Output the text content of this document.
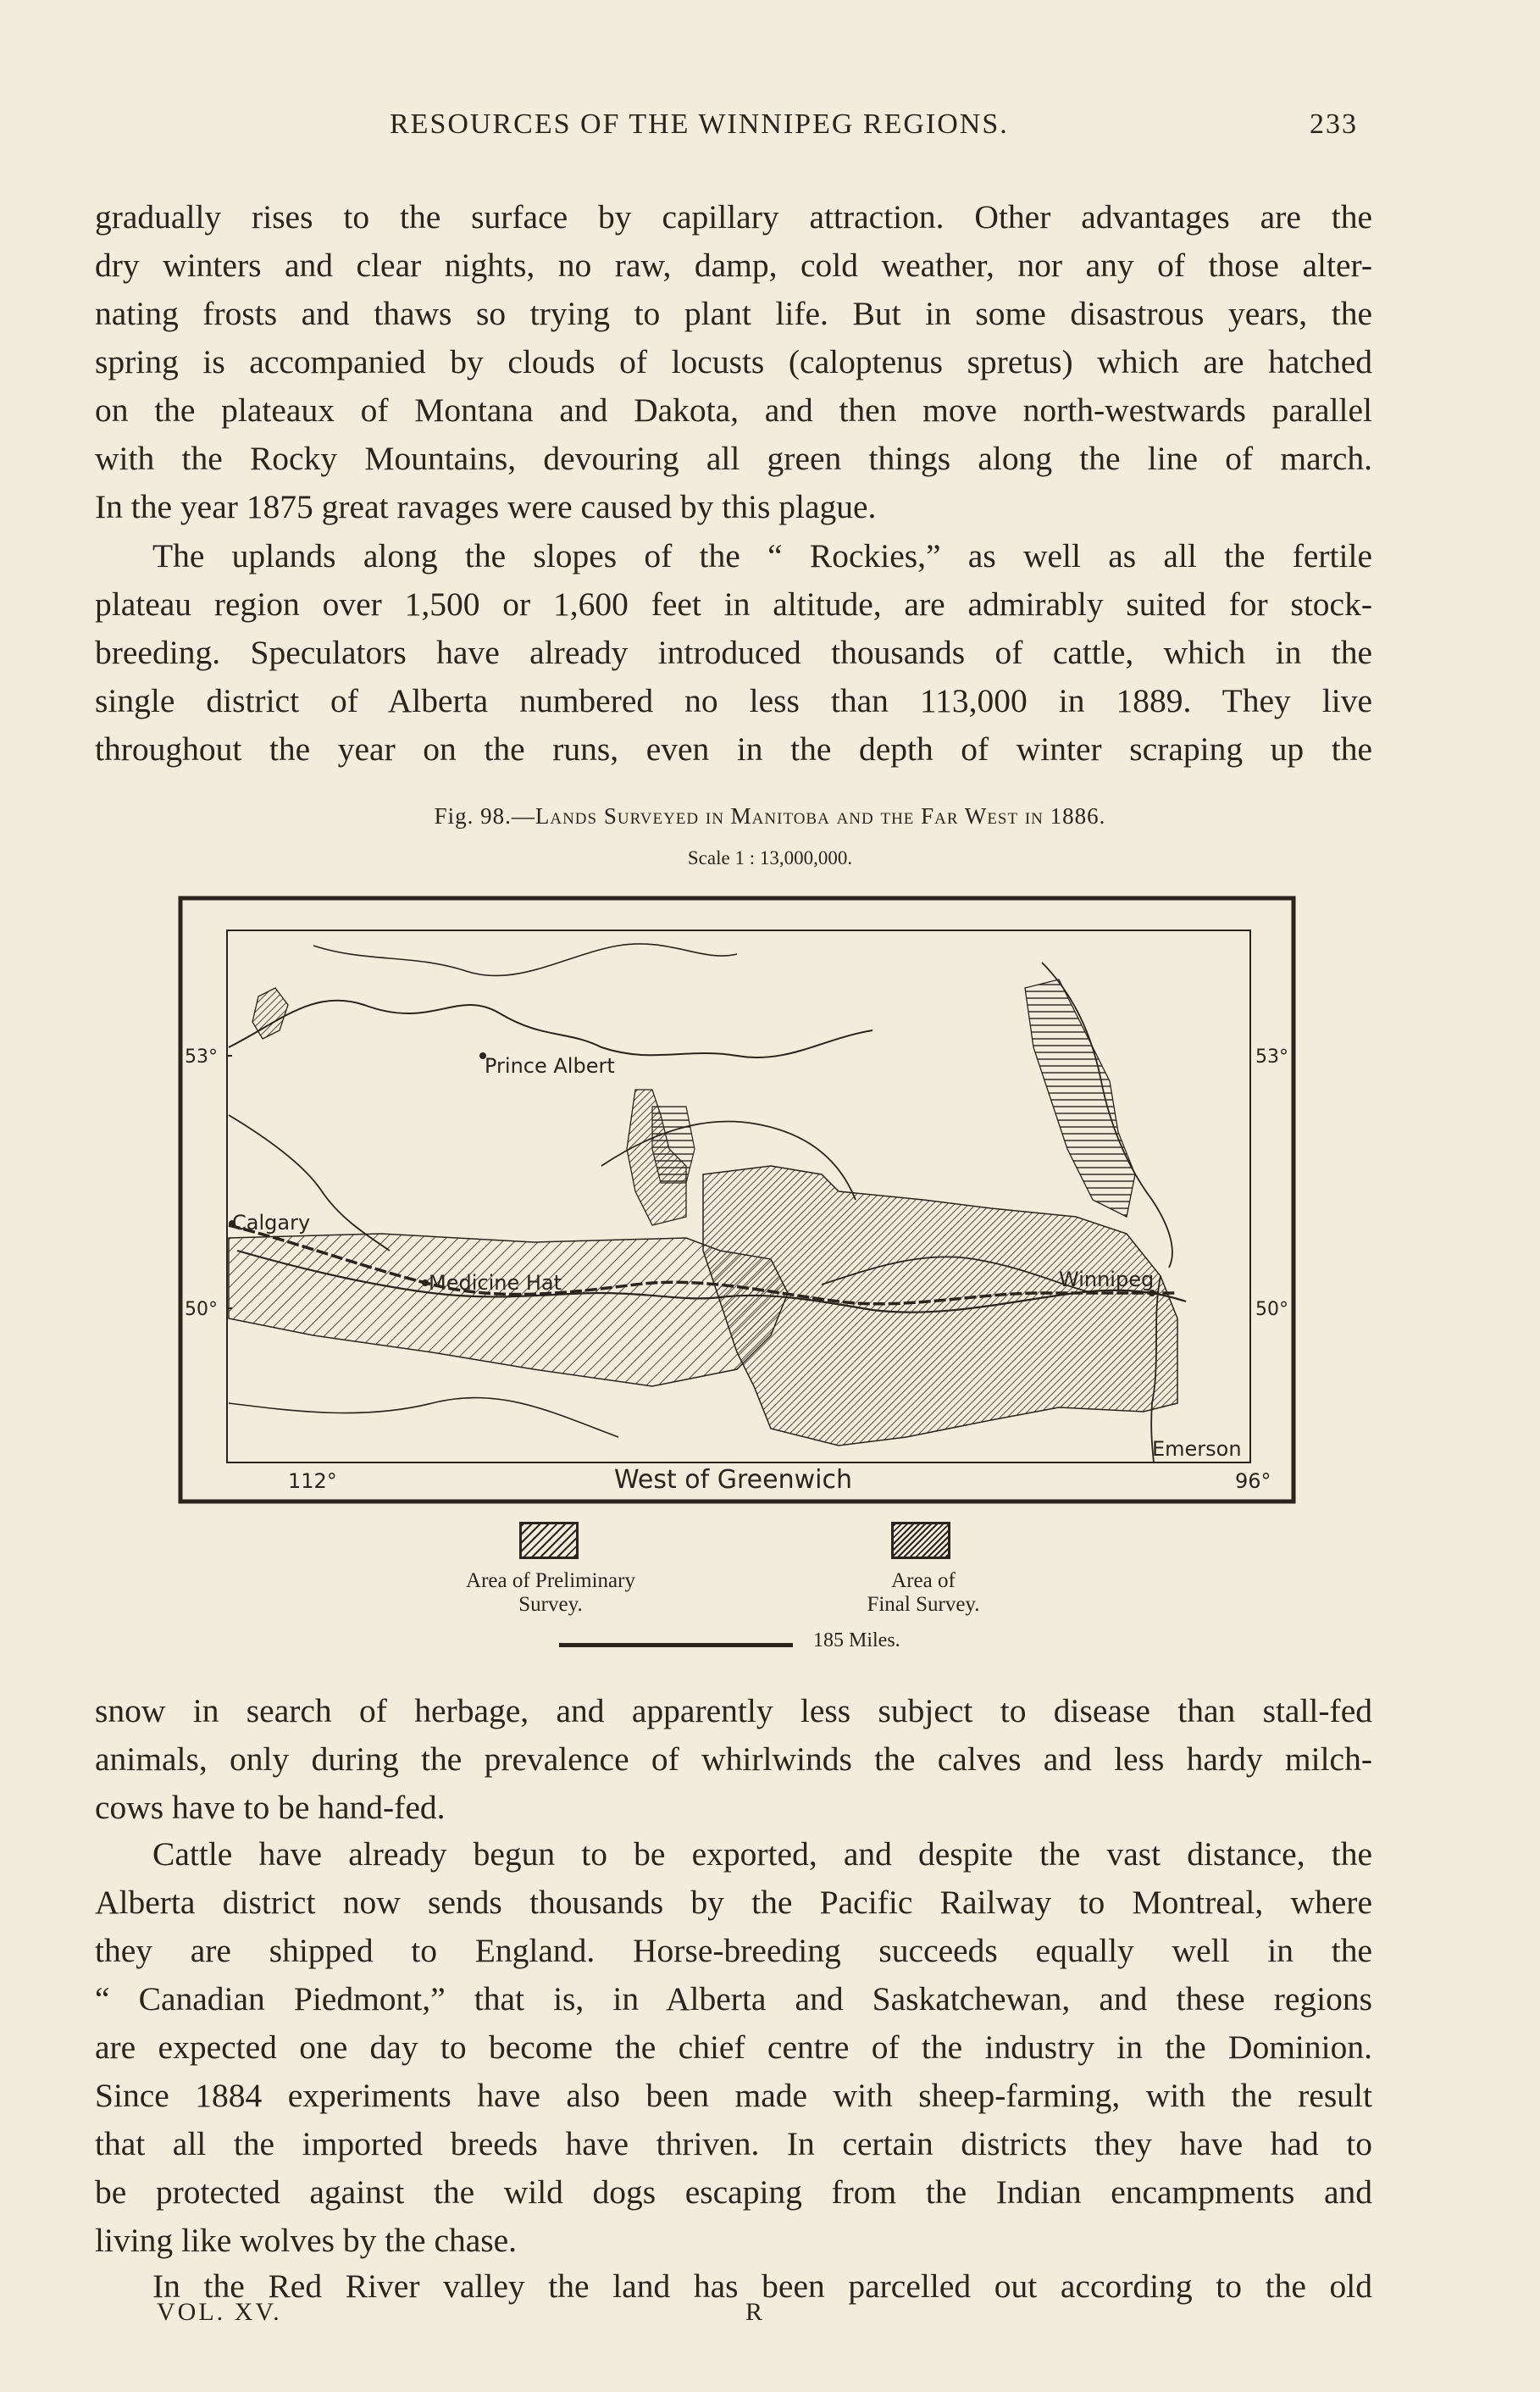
RESOURCES OF THE WINNIPEG REGIONS.	233

gradually rises to the surface by capillary attraction. Other advantages are the

dry winters and clear nights, no raw, damp, cold weather, nor any of those alter-

nating frosts and thaws so trying to plant life. But in some disastrous years, the

spring is accompanied by clouds of locusts (caloptenus spretus) which are hatched

on the plateaux of Montana and Dakota, and then move north-westwards parallel

with the Rocky Mountains, devouring all green things along the line of march.

In the year 1875 great ravages were caused by this plague.

The uplands along the slopes of the “ Rockies,” as well as all the fertile

plateau region over 1,500 or 1,600 feet in altitude, are admirably suited for stock-

breeding. Speculators have already introduced thousands of cattle, which in the

single district of Alberta numbered no less than 113,000 in 1889. They live

throughout the year on the runs, even in the depth of winter scraping up the

Fig. 98.—Lands Surveyed in Manitoba and the Far West in 1886.
Scale 1 : 13,000,000.
Prince Albert
Calgary
Medicine Hat	Winnipeg
Emerson
53°	53°
50°	50°
112°	96°
West of Greenwich
Area of Preliminary
Survey.
Area of
Final Survey.
185 Miles.

snow in search of herbage, and apparently less subject to disease than stall-fed

animals, only during the prevalence of whirlwinds the calves and less hardy milch-

cows have to be hand-fed.

Cattle have already begun to be exported, and despite the vast distance, the

Alberta district now sends thousands by the Pacific Railway to Montreal, where

they are shipped to England. Horse-breeding succeeds equally well in the

“ Canadian Piedmont,” that is, in Alberta and Saskatchewan, and these regions

are expected one day to become the chief centre of the industry in the Dominion.

Since 1884 experiments have also been made with sheep-farming, with the result

that all the imported breeds have thriven. In certain districts they have had to

be protected against the wild dogs escaping from the Indian encampments and

living like wolves by the chase.

In the Red River valley the land has been parcelled out according to the old

VOL. XV.	R
